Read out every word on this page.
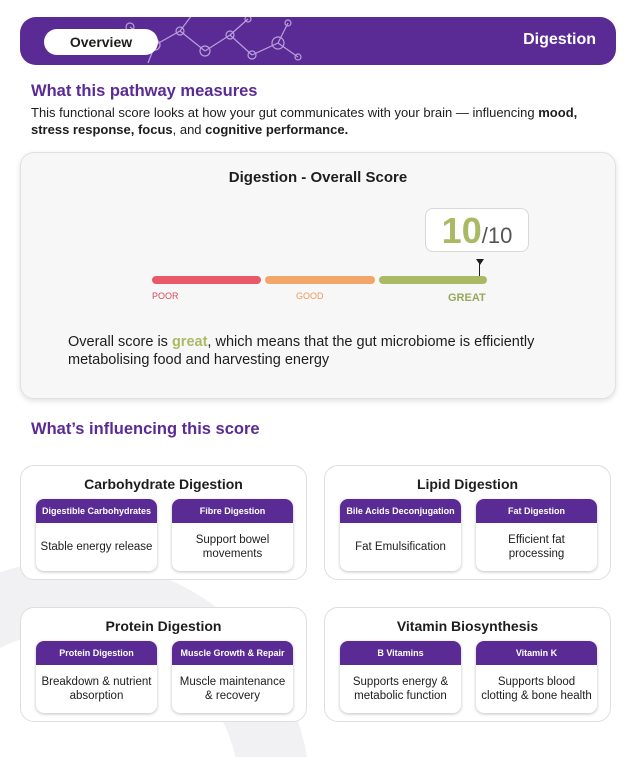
Overview	Digestion
What this pathway measures
This functional score looks at how your gut communicates with your brain — influencing mood, stress response, focus, and cognitive performance.
Digestion - Overall Score
10 /10
POOR	GOOD	GREAT
Overall score is great, which means that the gut microbiome is efficiently metabolising food and harvesting energy
What’s influencing this score
Carbohydrate Digestion
Digestible Carbohydrates
Stable energy release
Fibre Digestion
Support bowel movements
Lipid Digestion
Bile Acids Deconjugation
Fat Emulsification
Fat Digestion
Efficient fat processing
Protein Digestion
Protein Digestion
Breakdown & nutrient absorption
Muscle Growth & Repair
Muscle maintenance & recovery
Vitamin Biosynthesis
B Vitamins
Supports energy & metabolic function
Vitamin K
Supports blood clotting & bone health
